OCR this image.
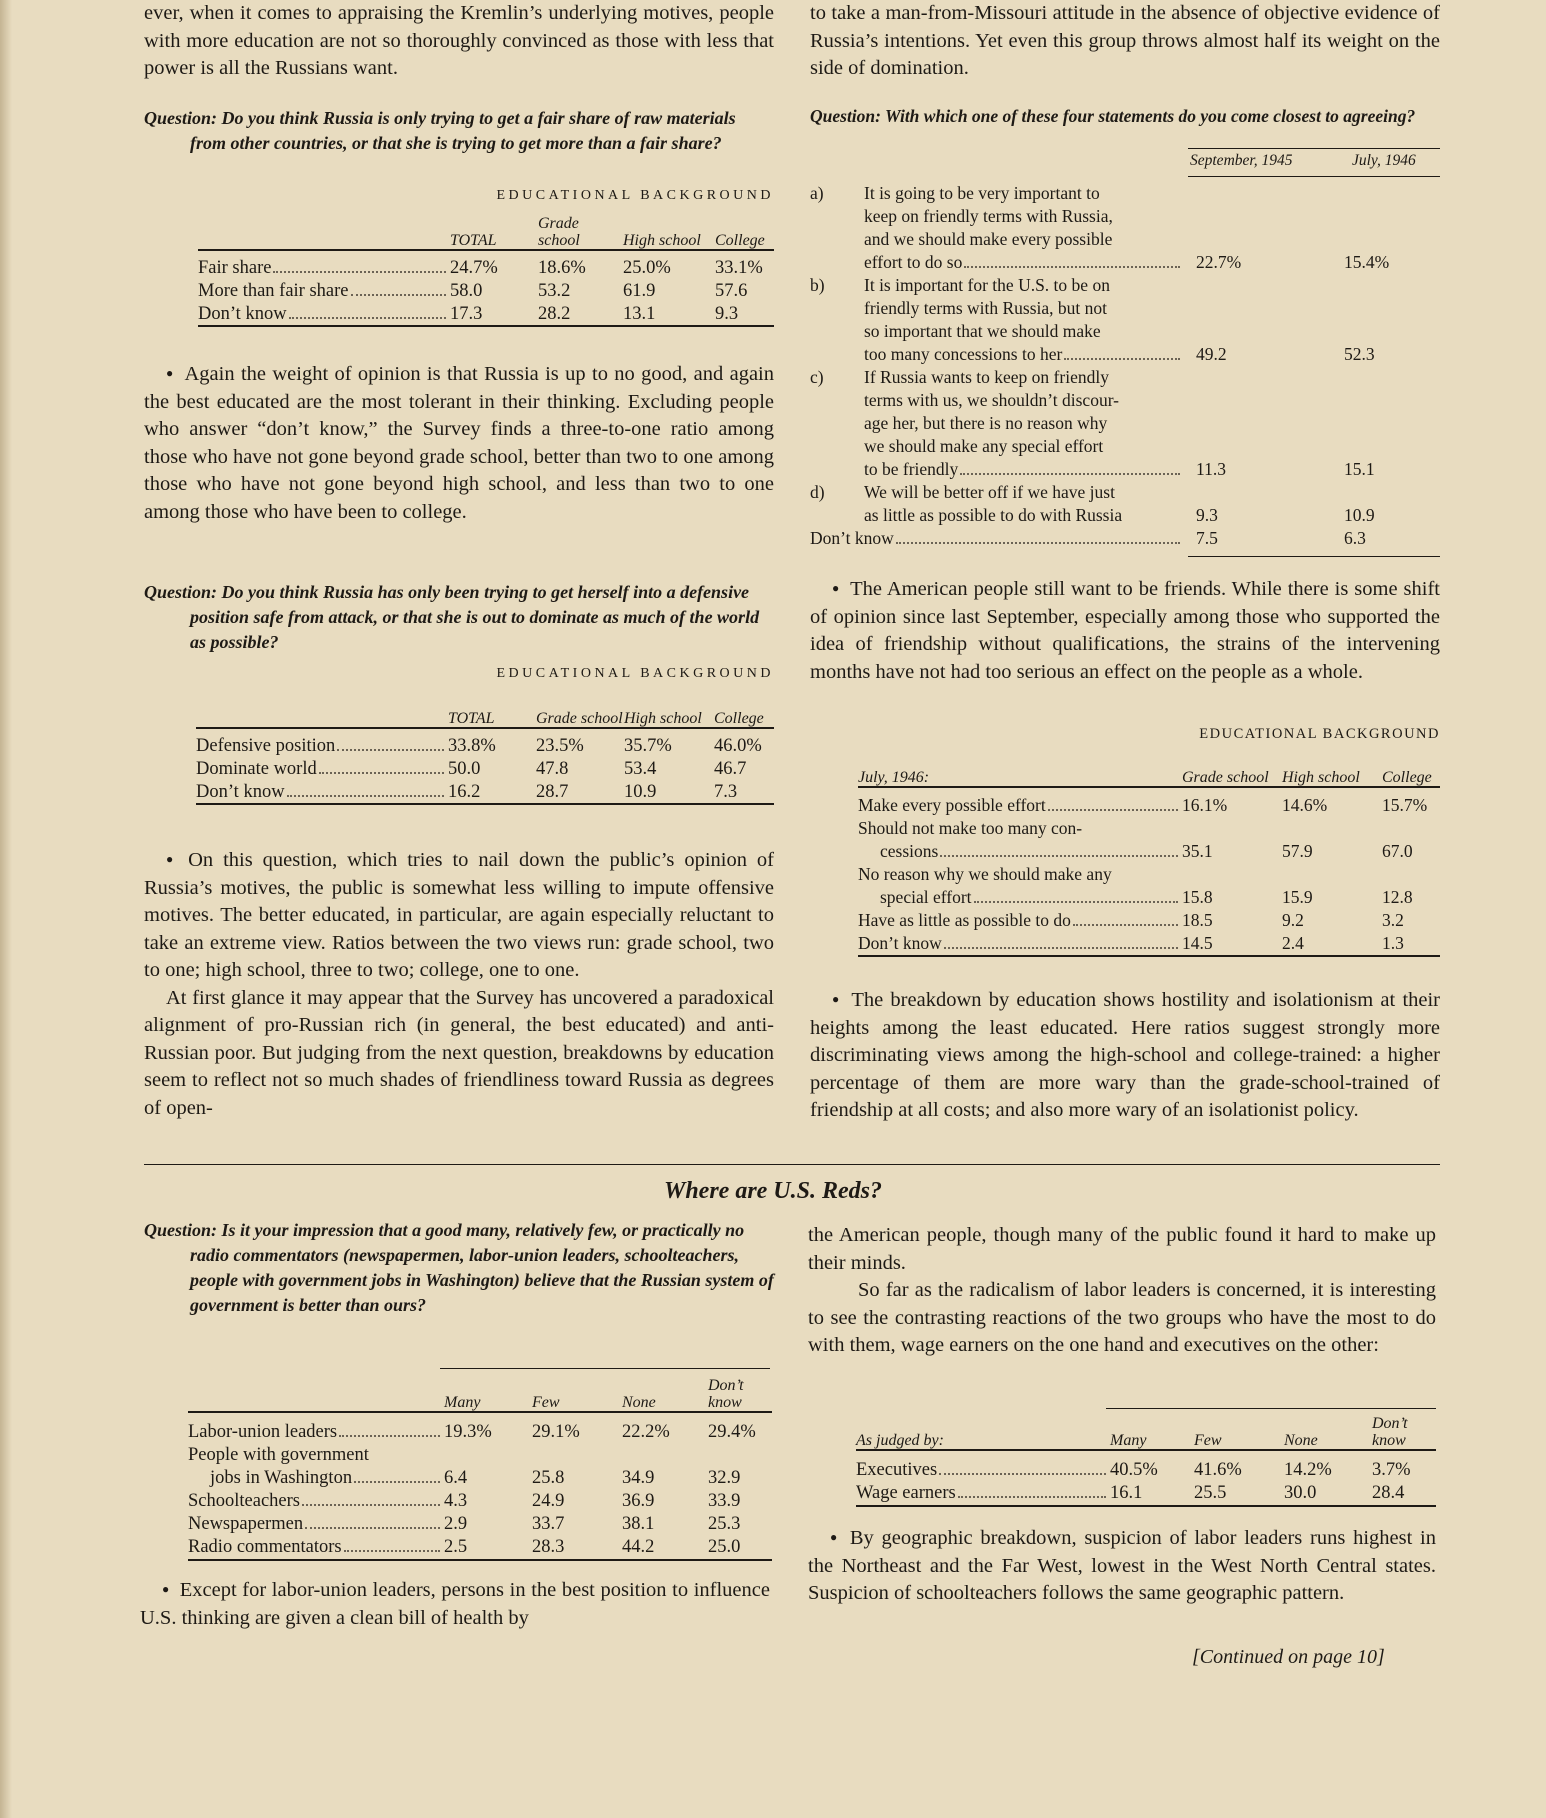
ever, when it comes to appraising the Kremlin’s underlying motives, people with more education are not so thoroughly convinced as those with less that power is all the Russians want.

Question: Do you think Russia is only trying to get a fair share of raw materials from other countries, or that she is trying to get more than a fair share?
EDUCATIONAL BACKGROUND
	TOTAL	Grade school	High school	College

Fair share	24.7%	18.6%	25.0%	33.1%

More than fair share	58.0	53.2	61.9	57.6

Don’t know	17.3	28.2	13.1	9.3

● Again the weight of opinion is that Russia is up to no good, and again the best educated are the most tolerant in their thinking. Excluding people who answer “don’t know,” the Survey finds a three-to-one ratio among those who have not gone beyond grade school, better than two to one among those who have not gone beyond high school, and less than two to one among those who have been to college.

Question: Do you think Russia has only been trying to get herself into a defensive position safe from attack, or that she is out to dominate as much of the world as possible?
EDUCATIONAL BACKGROUND
	TOTAL	Grade school	High school	College

Defensive position	33.8%	23.5%	35.7%	46.0%

Dominate world	50.0	47.8	53.4	46.7

Don’t know	16.2	28.7	10.9	7.3

● On this question, which tries to nail down the public’s opinion of Russia’s motives, the public is somewhat less willing to impute offensive motives. The better educated, in particular, are again especially reluctant to take an extreme view. Ratios between the two views run: grade school, two to one; high school, three to two; college, one to one.

At first glance it may appear that the Survey has uncovered a paradoxical alignment of pro-Russian rich (in general, the best educated) and anti-Russian poor. But judging from the next question, breakdowns by education seem to reflect not so much shades of friendliness toward Russia as degrees of open-

to take a man-from-Missouri attitude in the absence of objective evidence of Russia’s intentions. Yet even this group throws almost half its weight on the side of domination.

Question: With which one of these four statements do you come closest to agreeing?
September, 1945	July, 1946
a)	It is going to be very important to
keep on friendly terms with Russia,
and we should make every possible
effort to do so	22.7%	15.4%
b)	It is important for the U.S. to be on
friendly terms with Russia, but not
so important that we should make
too many concessions to her	49.2	52.3
c)	If Russia wants to keep on friendly
terms with us, we shouldn’t discour-
age her, but there is no reason why
we should make any special effort
to be friendly	11.3	15.1
d)	We will be better off if we have just
as little as possible to do with Russia	9.3	10.9

Don’t know		7.5	6.3

● The American people still want to be friends. While there is some shift of opinion since last September, especially among those who supported the idea of friendship without qualifications, the strains of the intervening months have not had too serious an effect on the people as a whole.

EDUCATIONAL BACKGROUND
July, 1946:	Grade school	High school	College

Make every possible effort	16.1%	14.6%	15.7%

Should not make too many con-
cessions	35.1	57.9	67.0

No reason why we should make any
special effort	15.8	15.9	12.8

Have as little as possible to do	18.5	9.2	3.2

Don’t know	14.5	2.4	1.3

● The breakdown by education shows hostility and isolationism at their heights among the least educated. Here ratios suggest strongly more discriminating views among the high-school and college-trained: a higher percentage of them are more wary than the grade-school-trained of friendship at all costs; and also more wary of an isolationist policy.

Where are U.S. Reds?
Question: Is it your impression that a good many, relatively few, or practically no radio commentators (newspapermen, labor-union leaders, schoolteachers, people with government jobs in Washington) believe that the Russian system of government is better than ours?
	Many	Few	None	Don’t know

Labor-union leaders	19.3%	29.1%	22.2%	29.4%

People with government
jobs in Washington	6.4	25.8	34.9	32.9

Schoolteachers	4.3	24.9	36.9	33.9

Newspapermen	2.9	33.7	38.1	25.3

Radio commentators	2.5	28.3	44.2	25.0

● Except for labor-union leaders, persons in the best position to influence U.S. thinking are given a clean bill of health by

the American people, though many of the public found it hard to make up their minds.

So far as the radicalism of labor leaders is concerned, it is interesting to see the contrasting reactions of the two groups who have the most to do with them, wage earners on the one hand and executives on the other:

As judged by:	Many	Few	None	Don’t know

Executives	40.5%	41.6%	14.2%	3.7%

Wage earners	16.1	25.5	30.0	28.4

● By geographic breakdown, suspicion of labor leaders runs highest in the Northeast and the Far West, lowest in the West North Central states. Suspicion of schoolteachers follows the same geographic pattern.

[Continued on page 10]
